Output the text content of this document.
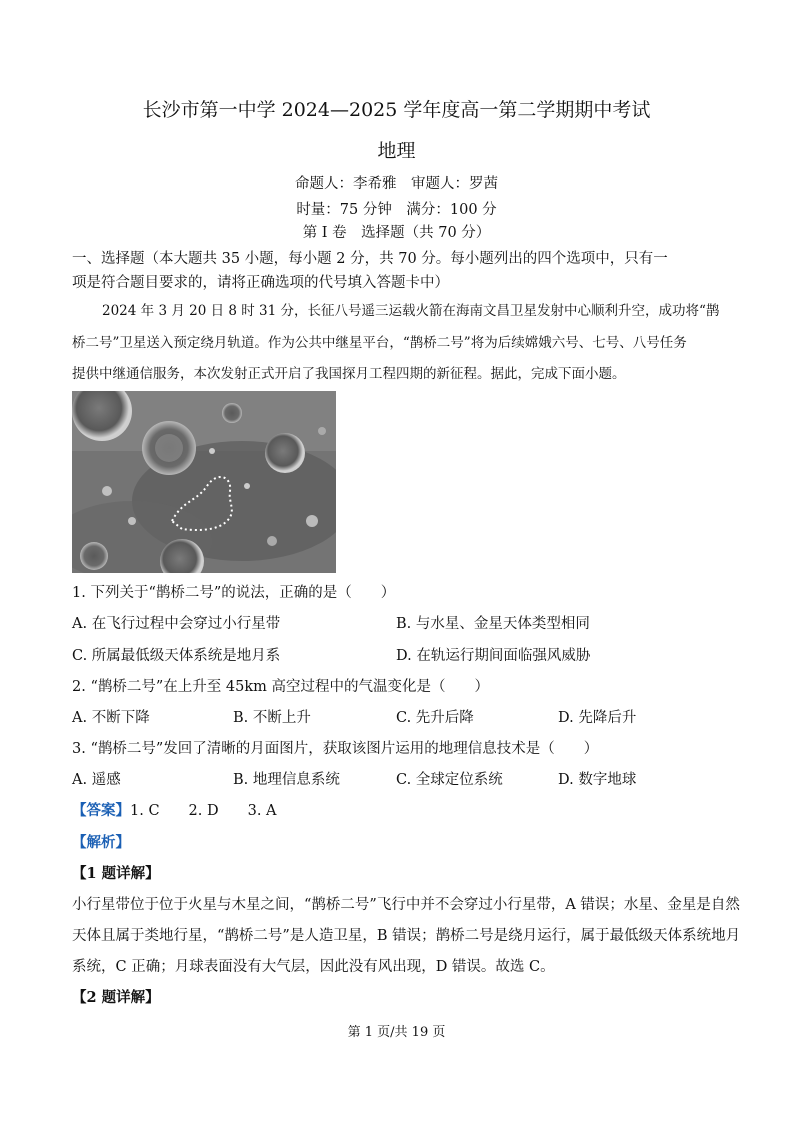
长沙市第一中学 2024—2025 学年度高一第二学期期中考试
地理
命题人：李希雅　审题人：罗茜
时量：75 分钟　满分：100 分
第 I 卷　选择题（共 70 分）
一、选择题（本大题共 35 小题，每小题 2 分，共 70 分。每小题列出的四个选项中，只有一
项是符合题目要求的，请将正确选项的代号填入答题卡中）
2024 年 3 月 20 日 8 时 31 分，长征八号遥三运载火箭在海南文昌卫星发射中心顺利升空，成功将“鹊
桥二号”卫星送入预定绕月轨道。作为公共中继星平台，“鹊桥二号”将为后续嫦娥六号、七号、八号任务
提供中继通信服务，本次发射正式开启了我国探月工程四期的新征程。据此，完成下面小题。
1. 下列关于“鹊桥二号”的说法，正确的是（　　）
A. 在飞行过程中会穿过小行星带	B. 与水星、金星天体类型相同
C. 所属最低级天体系统是地月系	D. 在轨运行期间面临强风威胁
2. “鹊桥二号”在上升至 45km 高空过程中的气温变化是（　　）
A. 不断下降	B. 不断上升	C. 先升后降	D. 先降后升
3. “鹊桥二号”发回了清晰的月面图片，获取该图片运用的地理信息技术是（　　）
A. 遥感	B. 地理信息系统	C. 全球定位系统	D. 数字地球
【答案】1. C　　2. D　　3. A
【解析】
【1 题详解】
小行星带位于位于火星与木星之间，“鹊桥二号”飞行中并不会穿过小行星带，A 错误；水星、金星是自然
天体且属于类地行星，“鹊桥二号”是人造卫星，B 错误；鹊桥二号是绕月运行，属于最低级天体系统地月
系统，C 正确；月球表面没有大气层，因此没有风出现，D 错误。故选 C。
【2 题详解】
第 1 页/共 19 页
